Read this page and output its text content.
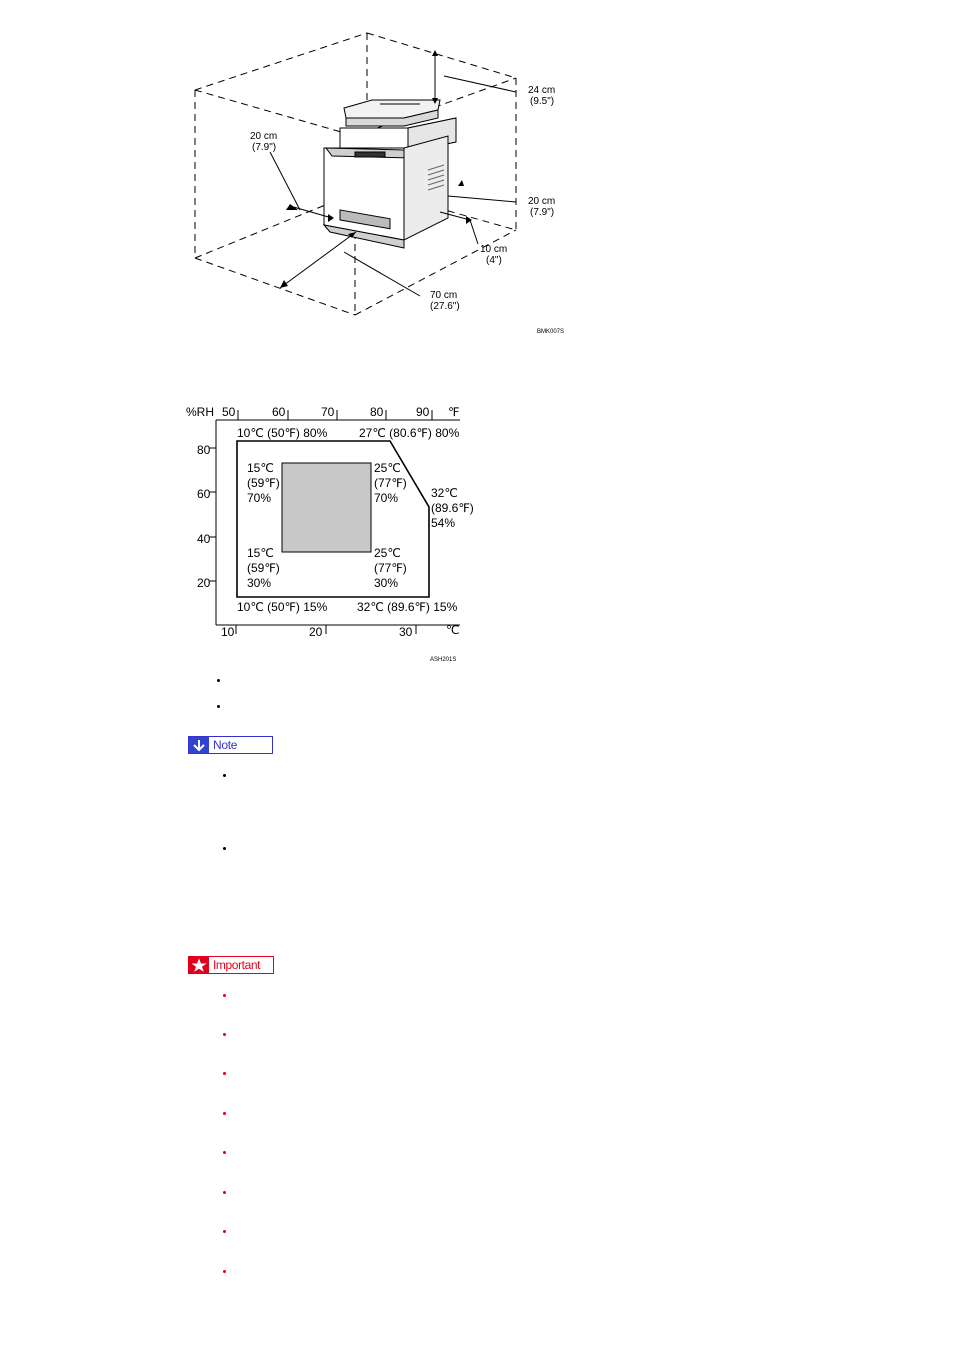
24 cm
(9.5")
20 cm
(7.9")
20 cm
(7.9")
10 cm
(4")
70 cm
(27.6")
BMK007S
%RH
80
60
40
20
50	60	70	80	90 ℉
10	20	30	℃
10℃ (50℉) 80%	27℃ (80.6℉) 80%
32℃
(89.6℉)
54%
10℃ (50℉) 15% 32℃ (89.6℉) 15%
15℃
(59℉)
70%
25℃
(77℉)
70%
15℃
(59℉)
30%
25℃
(77℉)
30%
ASH201S
Note
Important
